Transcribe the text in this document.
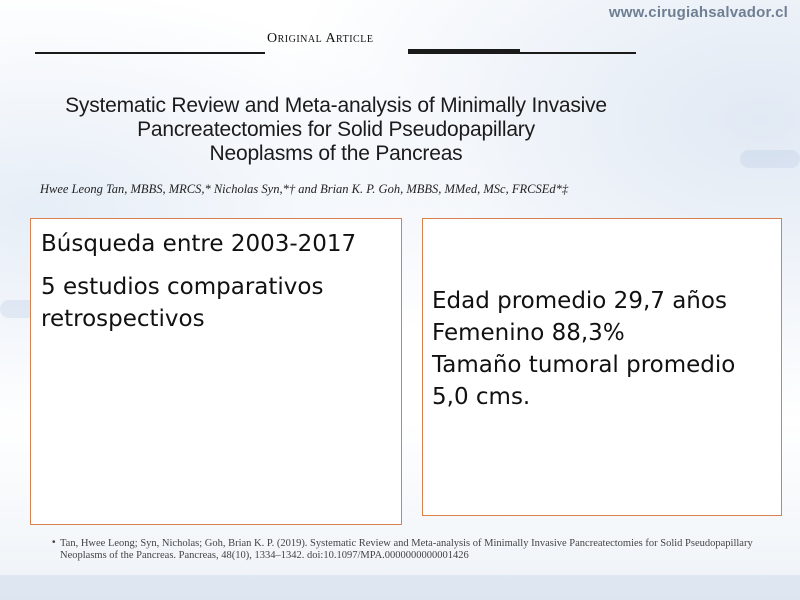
www.cirugiahsalvador.cl
Original Article
Systematic Review and Meta-analysis of Minimally Invasive
Pancreatectomies for Solid Pseudopapillary
Neoplasms of the Pancreas
Hwee Leong Tan, MBBS, MRCS,* Nicholas Syn,*† and Brian K. P. Goh, MBBS, MMed, MSc, FRCSEd*‡
Búsqueda entre 2003-2017
5 estudios comparativos retrospectivos
Edad promedio 29,7 años
Femenino 88,3%
Tamaño tumoral promedio
5,0 cms.
• Tan, Hwee Leong; Syn, Nicholas; Goh, Brian K. P. (2019). Systematic Review and Meta-analysis of Minimally Invasive Pancreatectomies for Solid Pseudopapillary Neoplasms of the Pancreas. Pancreas, 48(10), 1334–1342. doi:10.1097/MPA.0000000000001426
